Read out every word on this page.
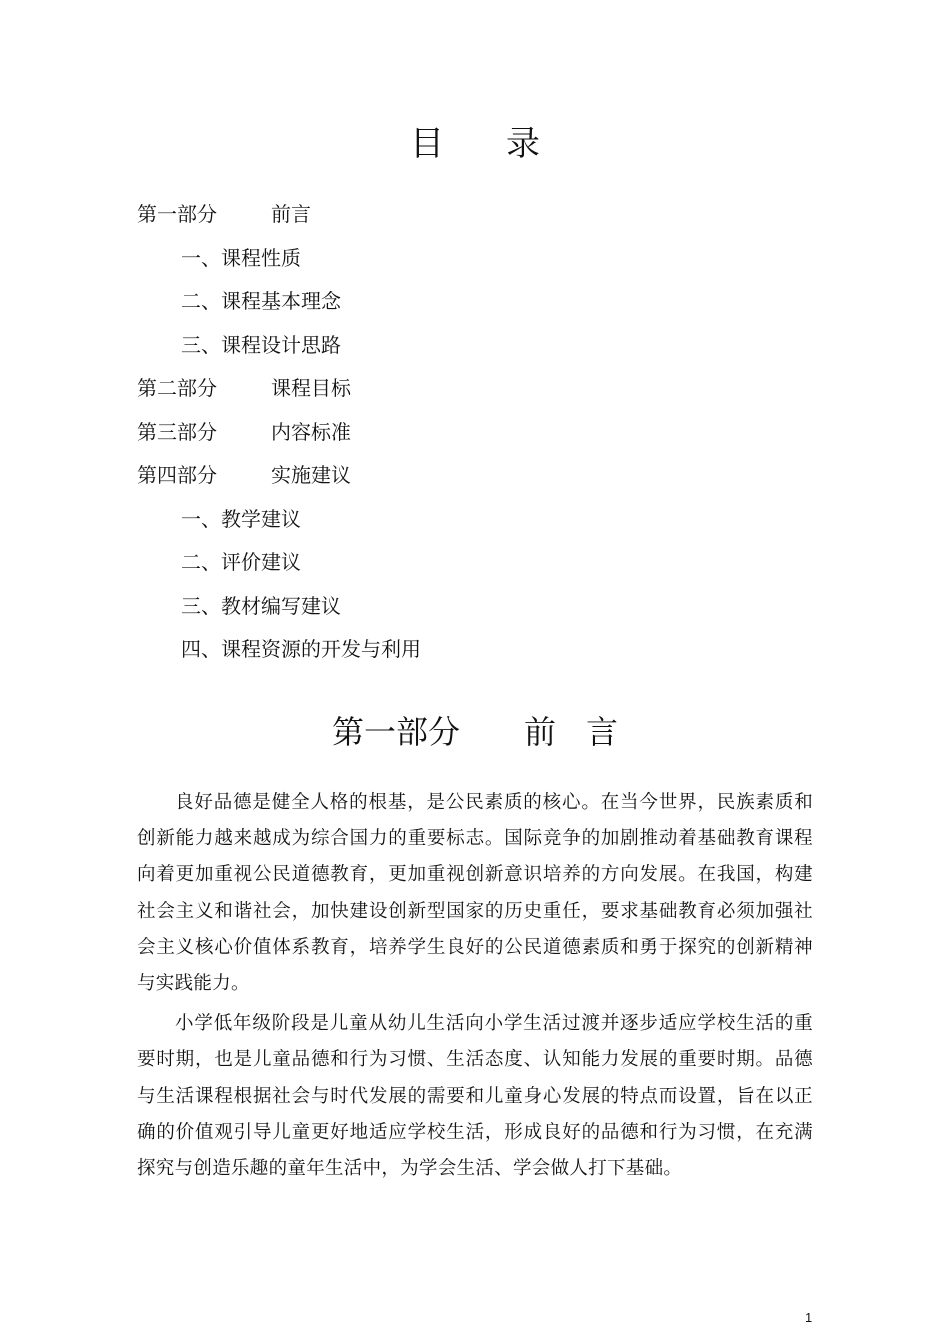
目 录
第一部分	前言
一、课程性质
二、课程基本理念
三、课程设计思路
第二部分	课程目标
第三部分	内容标准
第四部分	实施建议
一、教学建议
二、评价建议
三、教材编写建议
四、课程资源的开发与利用
第一部分 前言

良好品德是健全人格的根基，是公民素质的核心。在当今世界，民族素质和创新能力越来越成为综合国力的重要标志。国际竞争的加剧推动着基础教育课程向着更加重视公民道德教育，更加重视创新意识培养的方向发展。在我国，构建社会主义和谐社会，加快建设创新型国家的历史重任，要求基础教育必须加强社会主义核心价值体系教育，培养学生良好的公民道德素质和勇于探究的创新精神与实践能力。

小学低年级阶段是儿童从幼儿生活向小学生活过渡并逐步适应学校生活的重要时期，也是儿童品德和行为习惯、生活态度、认知能力发展的重要时期。品德与生活课程根据社会与时代发展的需要和儿童身心发展的特点而设置，旨在以正确的价值观引导儿童更好地适应学校生活，形成良好的品德和行为习惯，在充满探究与创造乐趣的童年生活中，为学会生活、学会做人打下基础。

1
